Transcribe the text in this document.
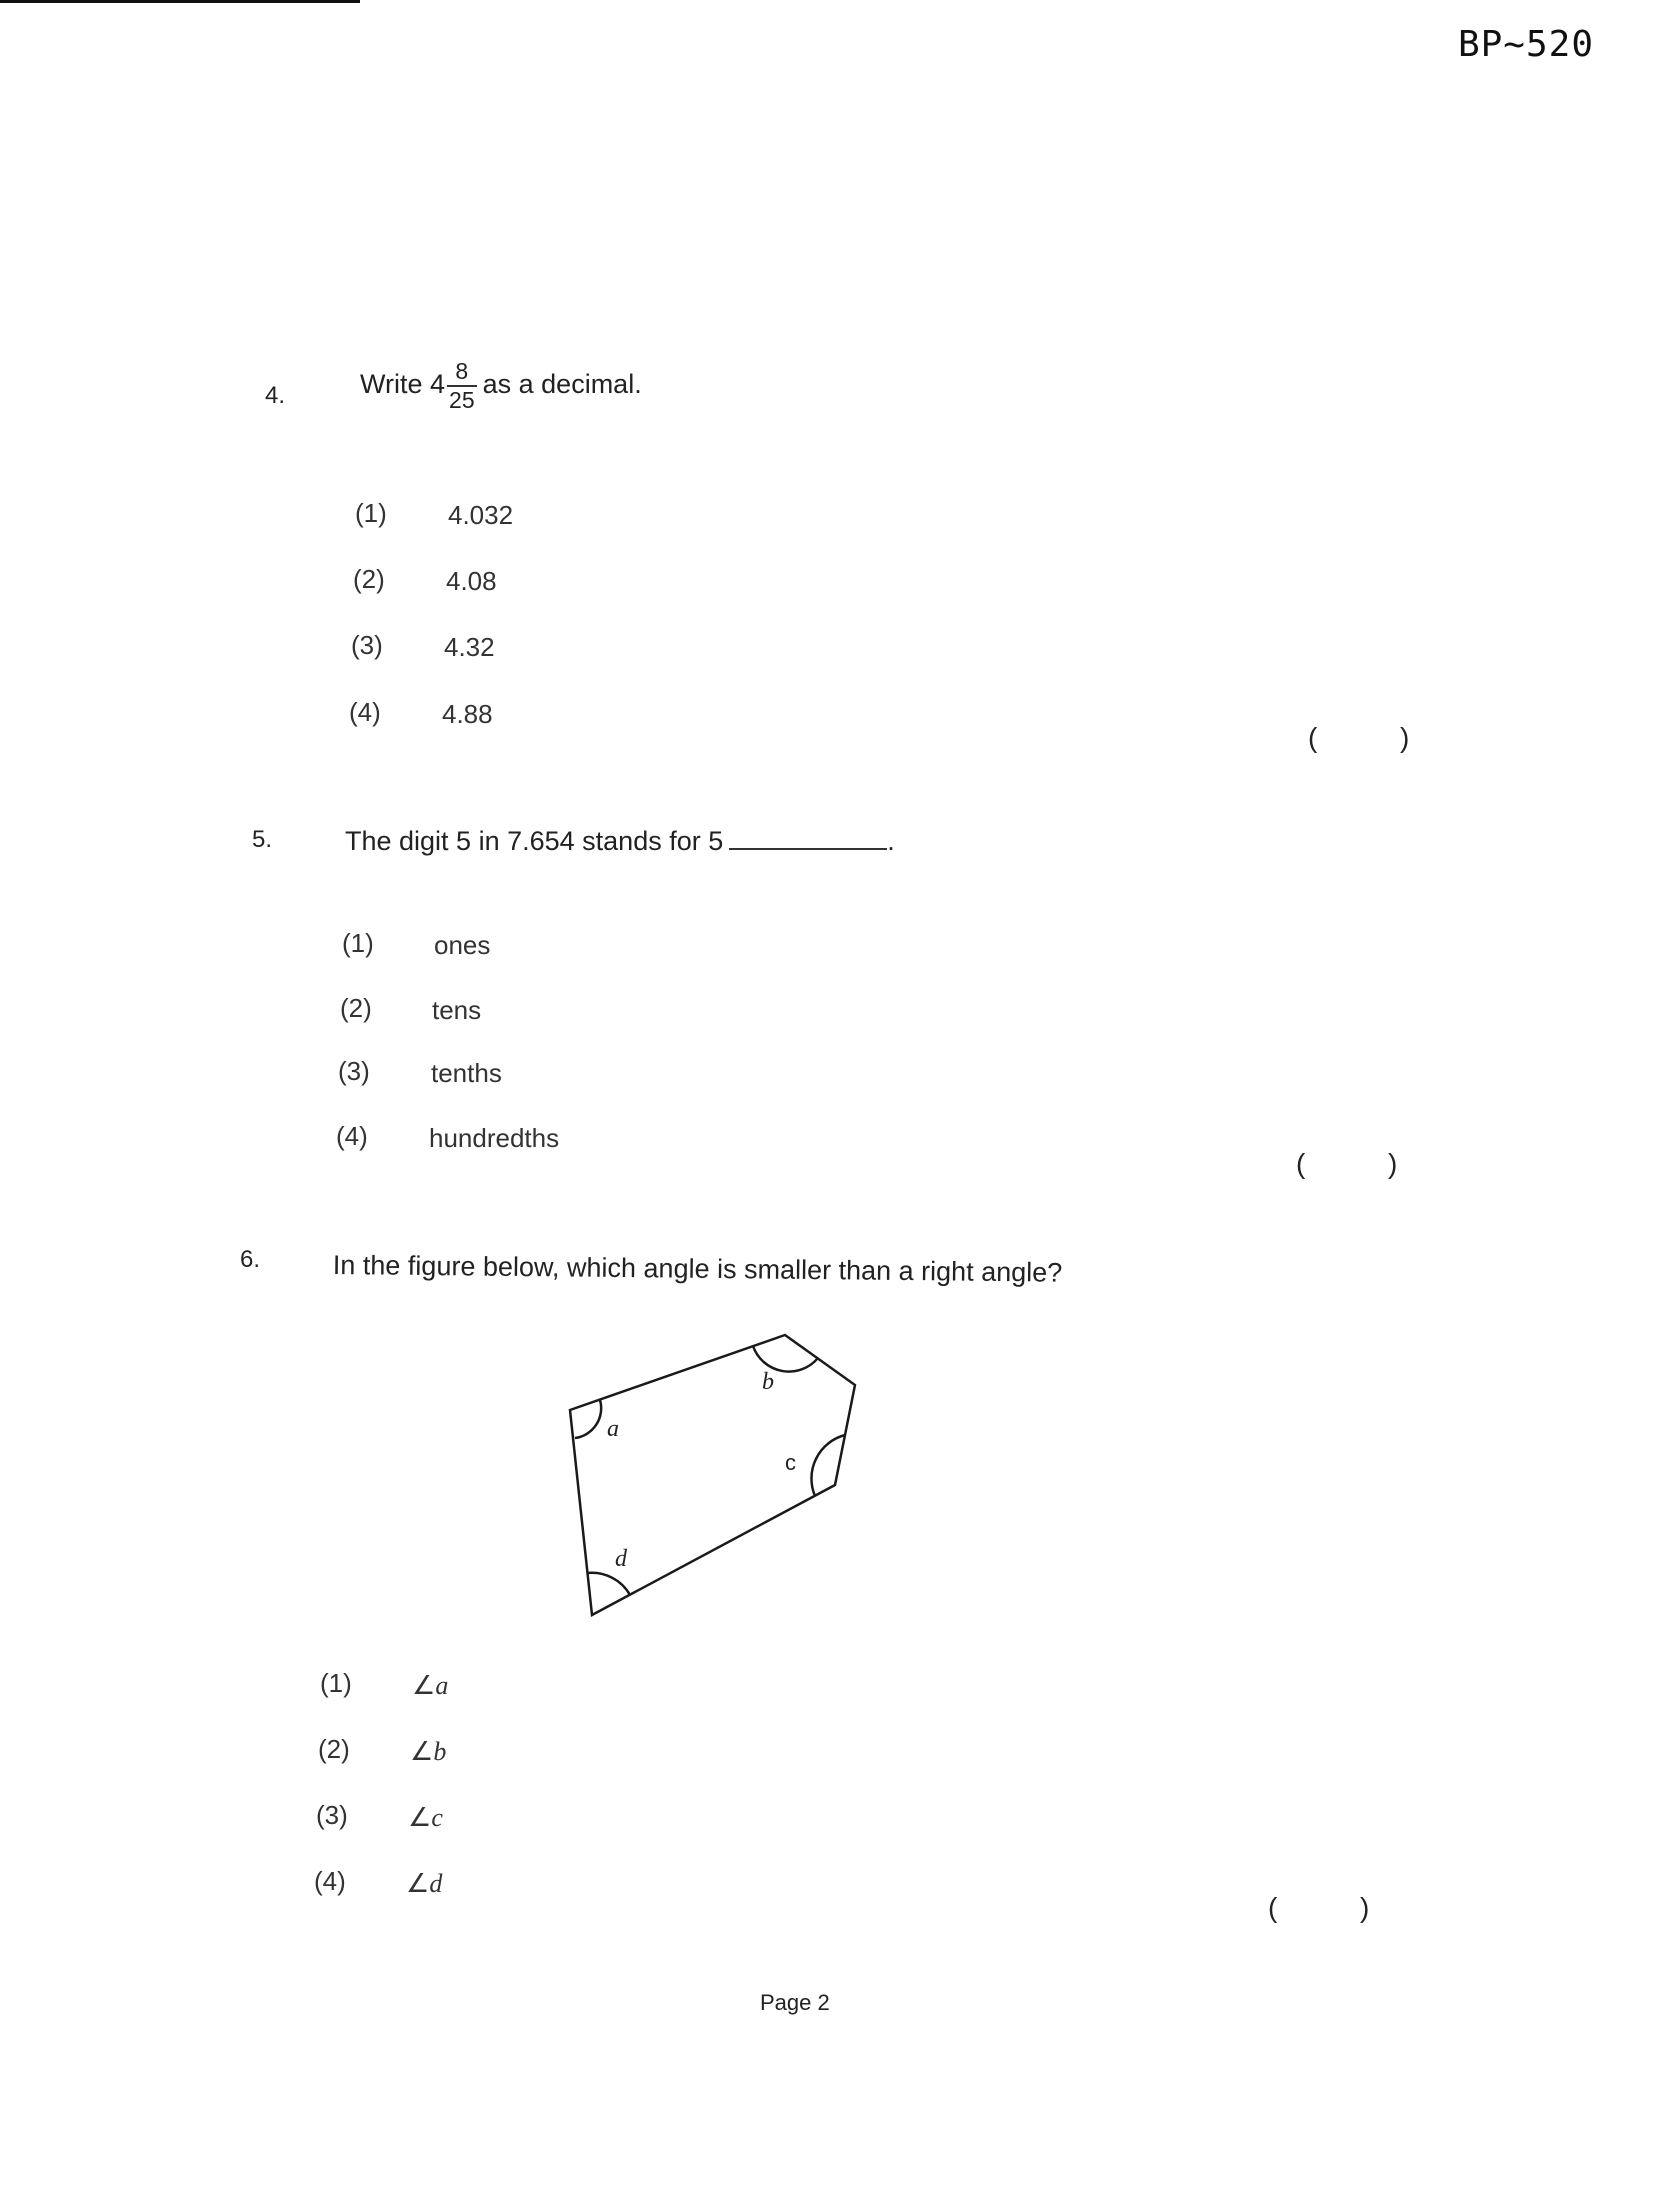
BP~520
4.	Write $4 \frac{8}{25}$ as a decimal.
(1) 4.032
(2) 4.08
(3) 4.32
(4) 4.88
(	)
5.	The digit 5 in 7.654 stands for 5	.
(1) ones
(2) tens
(3) tenths
(4) hundredths
(	)
6.	In the figure below, which angle is smaller than a right angle?
a
b
c
d
(1) ∠a
(2) ∠b
(3) ∠c
(4) ∠d
(	)
Page 2
